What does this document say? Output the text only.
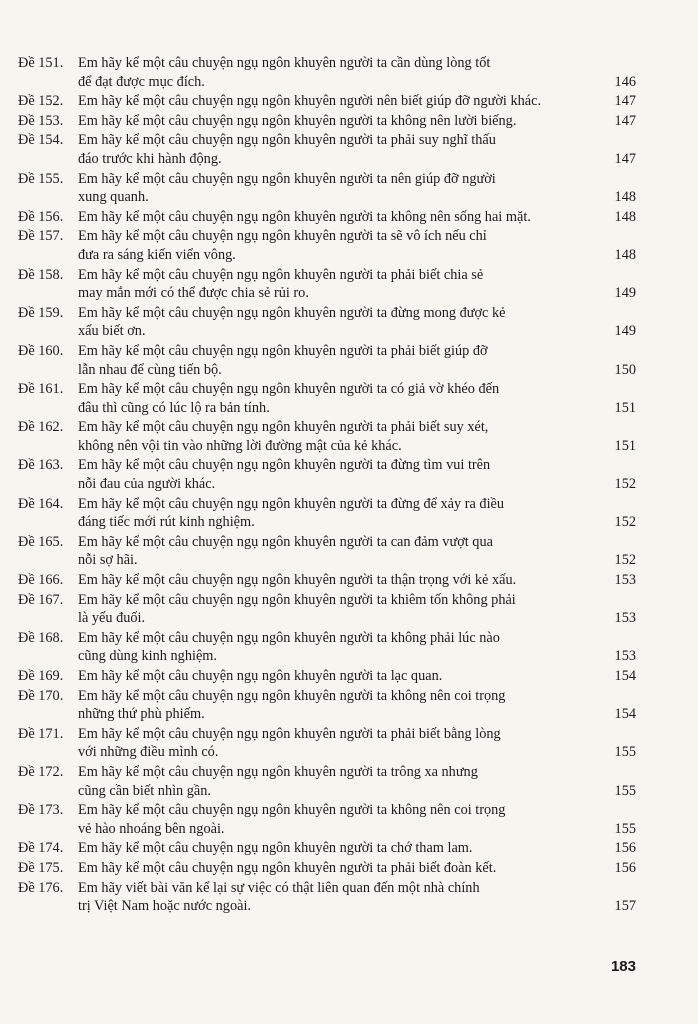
Đề 151.	Em hãy kể một câu chuyện ngụ ngôn khuyên người ta cần dùng lòng tốt
để đạt được mục đích.	146
Đề 152.	Em hãy kể một câu chuyện ngụ ngôn khuyên người nên biết giúp đỡ người khác.	147
Đề 153.	Em hãy kể một câu chuyện ngụ ngôn khuyên người ta không nên lười biếng.	147
Đề 154.	Em hãy kể một câu chuyện ngụ ngôn khuyên người ta phải suy nghĩ thấu
đáo trước khi hành động.	147
Đề 155.	Em hãy kể một câu chuyện ngụ ngôn khuyên người ta nên giúp đỡ người
xung quanh.	148
Đề 156.	Em hãy kể một câu chuyện ngụ ngôn khuyên người ta không nên sống hai mặt.	148
Đề 157.	Em hãy kể một câu chuyện ngụ ngôn khuyên người ta sẽ vô ích nếu chỉ
đưa ra sáng kiến viển vông.	148
Đề 158.	Em hãy kể một câu chuyện ngụ ngôn khuyên người ta phải biết chia sẻ
may mắn mới có thể được chia sẻ rủi ro.	149
Đề 159.	Em hãy kể một câu chuyện ngụ ngôn khuyên người ta đừng mong được kẻ
xấu biết ơn.	149
Đề 160.	Em hãy kể một câu chuyện ngụ ngôn khuyên người ta phải biết giúp đỡ
lẫn nhau để cùng tiến bộ.	150
Đề 161.	Em hãy kể một câu chuyện ngụ ngôn khuyên người ta có giả vờ khéo đến
đâu thì cũng có lúc lộ ra bản tính.	151
Đề 162.	Em hãy kể một câu chuyện ngụ ngôn khuyên người ta phải biết suy xét,
không nên vội tin vào những lời đường mật của kẻ khác.	151
Đề 163.	Em hãy kể một câu chuyện ngụ ngôn khuyên người ta đừng tìm vui trên
nỗi đau của người khác.	152
Đề 164.	Em hãy kể một câu chuyện ngụ ngôn khuyên người ta đừng để xảy ra điều
đáng tiếc mới rút kinh nghiệm.	152
Đề 165.	Em hãy kể một câu chuyện ngụ ngôn khuyên người ta can đảm vượt qua
nỗi sợ hãi.	152
Đề 166.	Em hãy kể một câu chuyện ngụ ngôn khuyên người ta thận trọng với kẻ xấu.	153
Đề 167.	Em hãy kể một câu chuyện ngụ ngôn khuyên người ta khiêm tốn không phải
là yếu đuối.	153
Đề 168.	Em hãy kể một câu chuyện ngụ ngôn khuyên người ta không phải lúc nào
cũng dùng kinh nghiệm.	153
Đề 169.	Em hãy kể một câu chuyện ngụ ngôn khuyên người ta lạc quan.	154
Đề 170.	Em hãy kể một câu chuyện ngụ ngôn khuyên người ta không nên coi trọng
những thứ phù phiếm.	154
Đề 171.	Em hãy kể một câu chuyện ngụ ngôn khuyên người ta phải biết bằng lòng
với những điều mình có.	155
Đề 172.	Em hãy kể một câu chuyện ngụ ngôn khuyên người ta trông xa nhưng
cũng cần biết nhìn gần.	155
Đề 173.	Em hãy kể một câu chuyện ngụ ngôn khuyên người ta không nên coi trọng
vẻ hào nhoáng bên ngoài.	155
Đề 174.	Em hãy kể một câu chuyện ngụ ngôn khuyên người ta chớ tham lam.	156
Đề 175.	Em hãy kể một câu chuyện ngụ ngôn khuyên người ta phải biết đoàn kết.	156
Đề 176.	Em hãy viết bài văn kể lại sự việc có thật liên quan đến một nhà chính
trị Việt Nam hoặc nước ngoài.	157
183
